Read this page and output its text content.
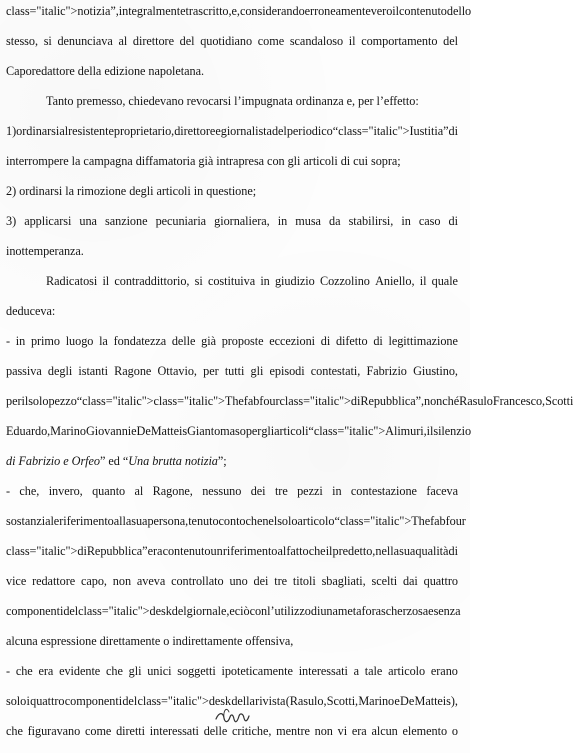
class="italic">notizia”, integralmente trascritto, e, considerando erroneamente vero il contenuto dello
stesso, si denunciava al direttore del quotidiano come scandaloso il comportamento del
Caporedattore della edizione napoletana.
Tanto premesso, chiedevano revocarsi l’impugnata ordinanza e, per l’effetto:
1) ordinarsi al resistente proprietario, direttore e giornalista del periodico “class="italic">Iustitia” di
interrompere la campagna diffamatoria già intrapresa con gli articoli di cui sopra;
2) ordinarsi la rimozione degli articoli in questione;
3) applicarsi una sanzione pecuniaria giornaliera, in musa da stabilirsi, in caso di
inottemperanza.
Radicatosi il contraddittorio, si costituiva in giudizio Cozzolino Aniello, il quale
deduceva:
- in primo luogo la fondatezza delle già proposte eccezioni di difetto di legittimazione
passiva degli istanti Ragone Ottavio, per tutti gli episodi contestati, Fabrizio Giustino,
per il solo pezzo “class="italic">class="italic">Thefabfourclass="italic">diRepubblica”, nonché Rasulo Francesco, Scotti
Eduardo, Marino Giovanni e De Matteis Giantomaso per gli articoli “class="italic">Alimuri,ilsilenzio
di Fabrizio e Orfeo” ed “Una brutta notizia”;
- che, invero, quanto al Ragone, nessuno dei tre pezzi in contestazione faceva
sostanziale riferimento alla sua persona, tenuto conto che nel solo articolo “class="italic">Thefabfour
class="italic">diRepubblica” era contenuto un riferimento al fatto che il predetto, nella sua qualità di
vice redattore capo, non aveva controllato uno dei tre titoli sbagliati, scelti dai quattro
componenti del class="italic">desk del giornale, e ciò con l’utilizzo di una metafora scherzosa e senza
alcuna espressione direttamente o indirettamente offensiva,
- che era evidente che gli unici soggetti ipoteticamente interessati a tale articolo erano
solo i quattro componenti del class="italic">desk della rivista (Rasulo, Scotti, Marino e De Matteis),
che figuravano come diretti interessati delle critiche, mentre non vi era alcun elemento o
